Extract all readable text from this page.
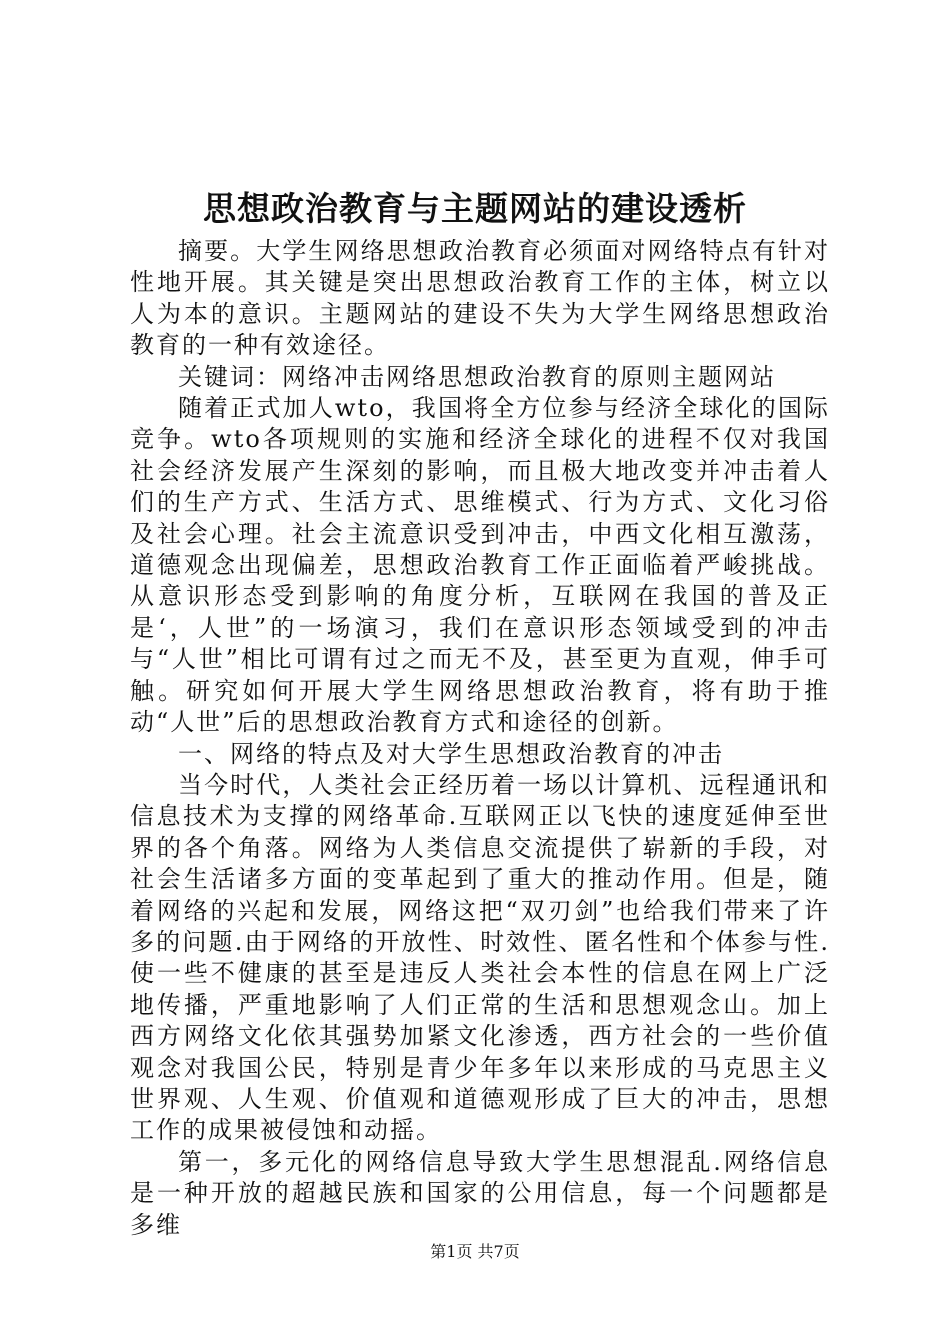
思想政治教育与主题网站的建设透析

摘要。大学生网络思想政治教育必须面对网络特点有针对性地开展。其关键是突出思想政治教育工作的主体，树立以人为本的意识。主题网站的建设不失为大学生网络思想政治教育的一种有效途径。

关键词：网络冲击网络思想政治教育的原则主题网站

随着正式加人wto，我国将全方位参与经济全球化的国际竞争。wto各项规则的实施和经济全球化的进程不仅对我国社会经济发展产生深刻的影响，而且极大地改变并冲击着人们的生产方式、生活方式、思维模式、行为方式、文化习俗及社会心理。社会主流意识受到冲击，中西文化相互激荡，道德观念出现偏差，思想政治教育工作正面临着严峻挑战。从意识形态受到影响的角度分析，互联网在我国的普及正是‘，人世”的一场演习，我们在意识形态领域受到的冲击与“人世”相比可谓有过之而无不及，甚至更为直观，伸手可触。研究如何开展大学生网络思想政治教育，将有助于推动“人世”后的思想政治教育方式和途径的创新。

一、网络的特点及对大学生思想政治教育的冲击

当今时代，人类社会正经历着一场以计算机、远程通讯和信息技术为支撑的网络革命.互联网正以飞快的速度延伸至世界的各个角落。网络为人类信息交流提供了崭新的手段，对社会生活诸多方面的变革起到了重大的推动作用。但是，随着网络的兴起和发展，网络这把“双刃剑”也给我们带来了许多的问题.由于网络的开放性、时效性、匿名性和个体参与性.使一些不健康的甚至是违反人类社会本性的信息在网上广泛地传播，严重地影响了人们正常的生活和思想观念山。加上西方网络文化依其强势加紧文化渗透，西方社会的一些价值观念对我国公民，特别是青少年多年以来形成的马克思主义世界观、人生观、价值观和道德观形成了巨大的冲击，思想工作的成果被侵蚀和动摇。

第一，多元化的网络信息导致大学生思想混乱.网络信息是一种开放的超越民族和国家的公用信息，每一个问题都是多维

第1页 共7页
